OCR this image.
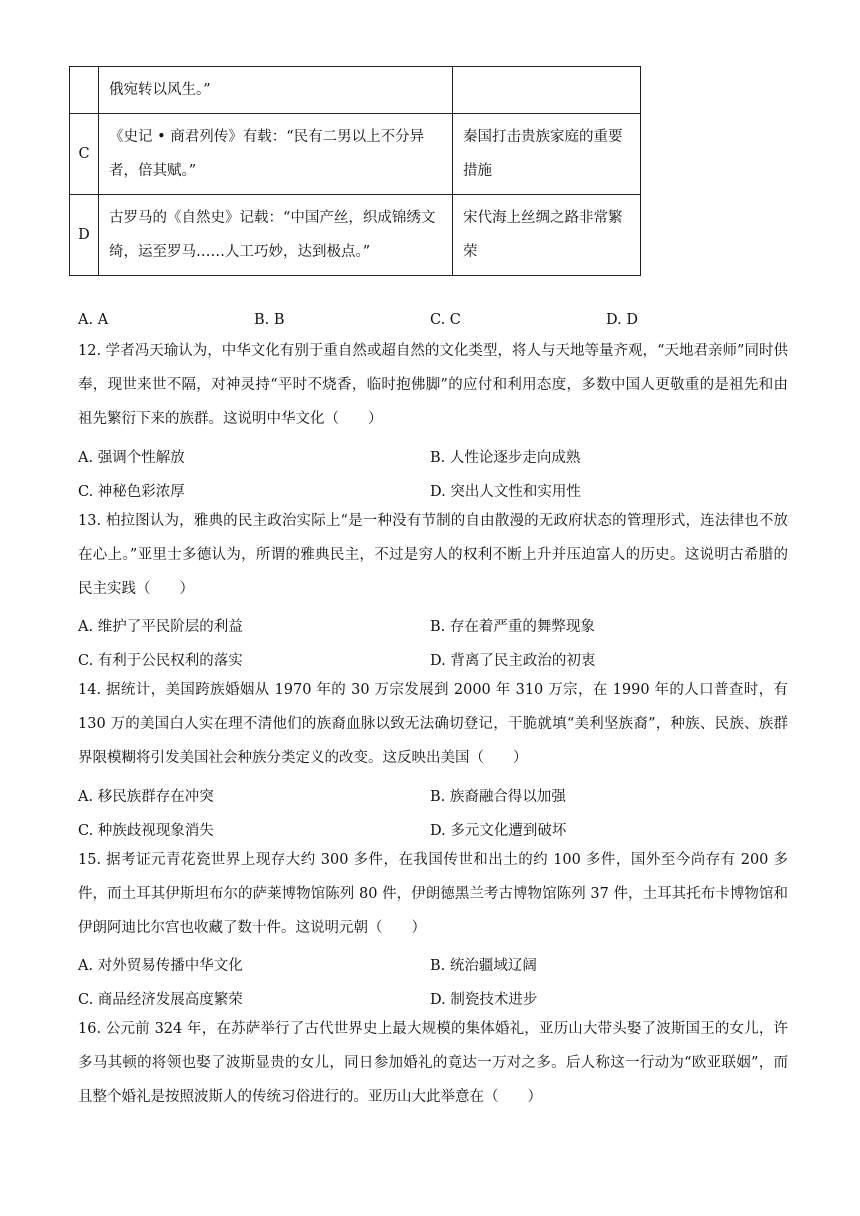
	俄宛转以风生。”	
C	《史记 • 商君列传》有载：“民有二男以上不分异者，倍其赋。”	秦国打击贵族家庭的重要措施
D	古罗马的《自然史》记载：“中国产丝，织成锦绣文绮，运至罗马……人工巧妙，达到极点。”	宋代海上丝绸之路非常繁荣
A. A	B. B	C. C	D. D
12. 学者冯天瑜认为，中华文化有别于重自然或超自然的文化类型，将人与天地等量齐观，“天地君亲师”同时供奉，现世来世不隔，对神灵持“平时不烧香，临时抱佛脚”的应付和利用态度，多数中国人更敬重的是祖先和由祖先繁衍下来的族群。这说明中华文化（　　）
A. 强调个性解放	B. 人性论逐步走向成熟
C. 神秘色彩浓厚	D. 突出人文性和实用性
13. 柏拉图认为，雅典的民主政治实际上“是一种没有节制的自由散漫的无政府状态的管理形式，连法律也不放在心上。”亚里士多德认为，所谓的雅典民主，不过是穷人的权利不断上升并压迫富人的历史。这说明古希腊的民主实践（　　）
A. 维护了平民阶层的利益	B. 存在着严重的舞弊现象
C. 有利于公民权利的落实	D. 背离了民主政治的初衷
14. 据统计，美国跨族婚姻从 1970 年的 30 万宗发展到 2000 年 310 万宗，在 1990 年的人口普查时，有 130 万的美国白人实在理不清他们的族裔血脉以致无法确切登记，干脆就填“美利坚族裔”，种族、民族、族群界限模糊将引发美国社会种族分类定义的改变。这反映出美国（　　）
A. 移民族群存在冲突	B. 族裔融合得以加强
C. 种族歧视现象消失	D. 多元文化遭到破坏
15. 据考证元青花瓷世界上现存大约 300 多件，在我国传世和出土的约 100 多件，国外至今尚存有 200 多件，而土耳其伊斯坦布尔的萨莱博物馆陈列 80 件，伊朗德黑兰考古博物馆陈列 37 件，土耳其托布卡博物馆和伊朗阿迪比尔宫也收藏了数十件。这说明元朝（　　）
A. 对外贸易传播中华文化	B. 统治疆域辽阔
C. 商品经济发展高度繁荣	D. 制瓷技术进步
16. 公元前 324 年，在苏萨举行了古代世界史上最大规模的集体婚礼，亚历山大带头娶了波斯国王的女儿，许多马其顿的将领也娶了波斯显贵的女儿，同日参加婚礼的竟达一万对之多。后人称这一行动为“欧亚联姻”，而且整个婚礼是按照波斯人的传统习俗进行的。亚历山大此举意在（　　）
